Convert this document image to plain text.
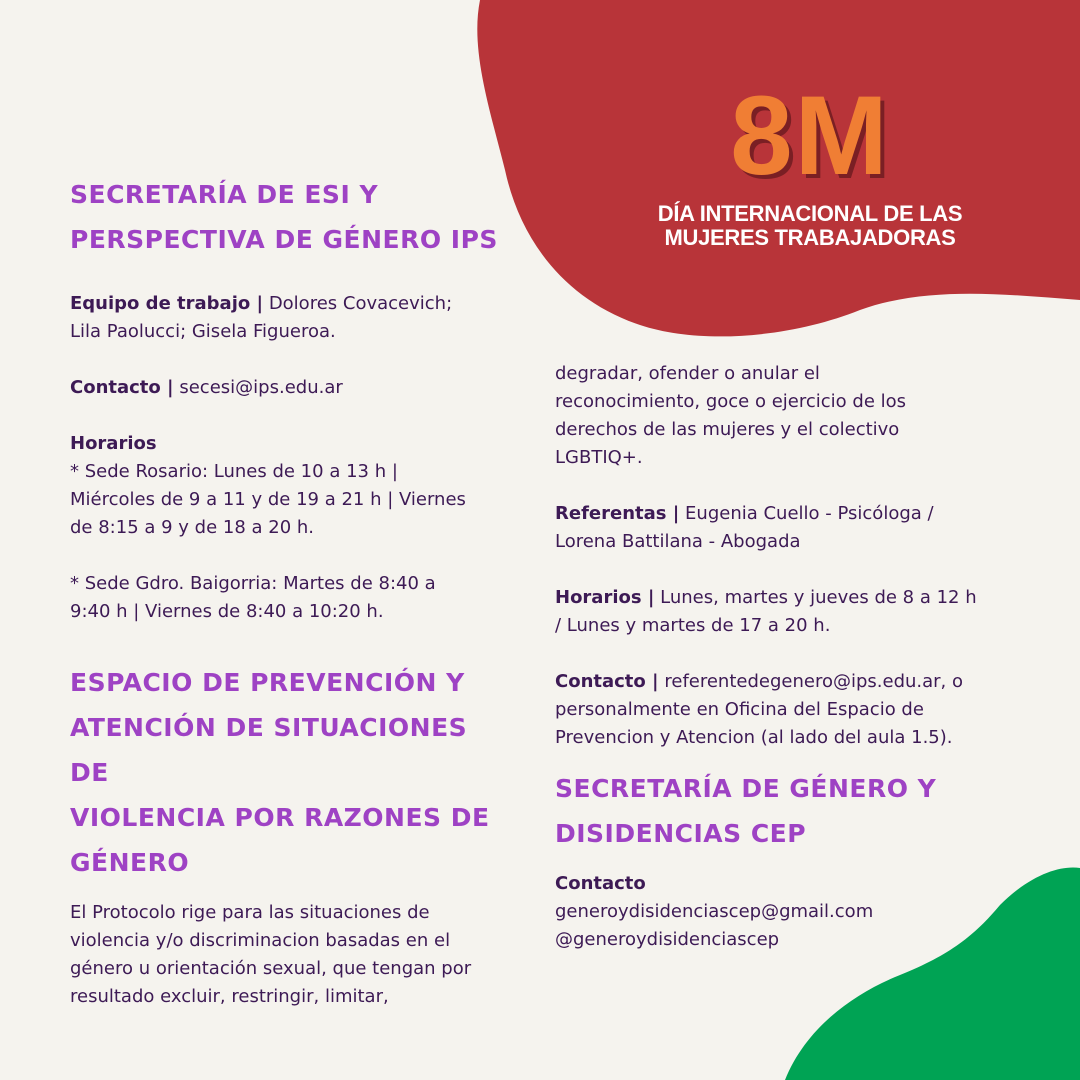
8M
DÍA INTERNACIONAL DE LAS
MUJERES TRABAJADORAS
SECRETARÍA DE ESI Y
PERSPECTIVA DE GÉNERO IPS

Equipo de trabajo | Dolores Covacevich;
Lila Paolucci; Gisela Figueroa.

Contacto | secesi@ips.edu.ar

Horarios
* Sede Rosario: Lunes de 10 a 13 h |
Miércoles de 9 a 11 y de 19 a 21 h | Viernes
de 8:15 a 9 y de 18 a 20 h.

* Sede Gdro. Baigorria: Martes de 8:40 a
9:40 h | Viernes de 8:40 a 10:20 h.

ESPACIO DE PREVENCIÓN Y
ATENCIÓN DE SITUACIONES DE
VIOLENCIA POR RAZONES DE
GÉNERO

El Protocolo rige para las situaciones de
violencia y/o discriminacion basadas en el
género u orientación sexual, que tengan por
resultado excluir, restringir, limitar,

degradar, ofender o anular el
reconocimiento, goce o ejercicio de los
derechos de las mujeres y el colectivo
LGBTIQ+.

Referentas | Eugenia Cuello - Psicóloga /
Lorena Battilana - Abogada

Horarios | Lunes, martes y jueves de 8 a 12 h
/ Lunes y martes de 17 a 20 h.

Contacto | referentedegenero@ips.edu.ar, o
personalmente en Oficina del Espacio de
Prevencion y Atencion (al lado del aula 1.5).

SECRETARÍA DE GÉNERO Y
DISIDENCIAS CEP

Contacto
generoydisidenciascep@gmail.com
@generoydisidenciascep
